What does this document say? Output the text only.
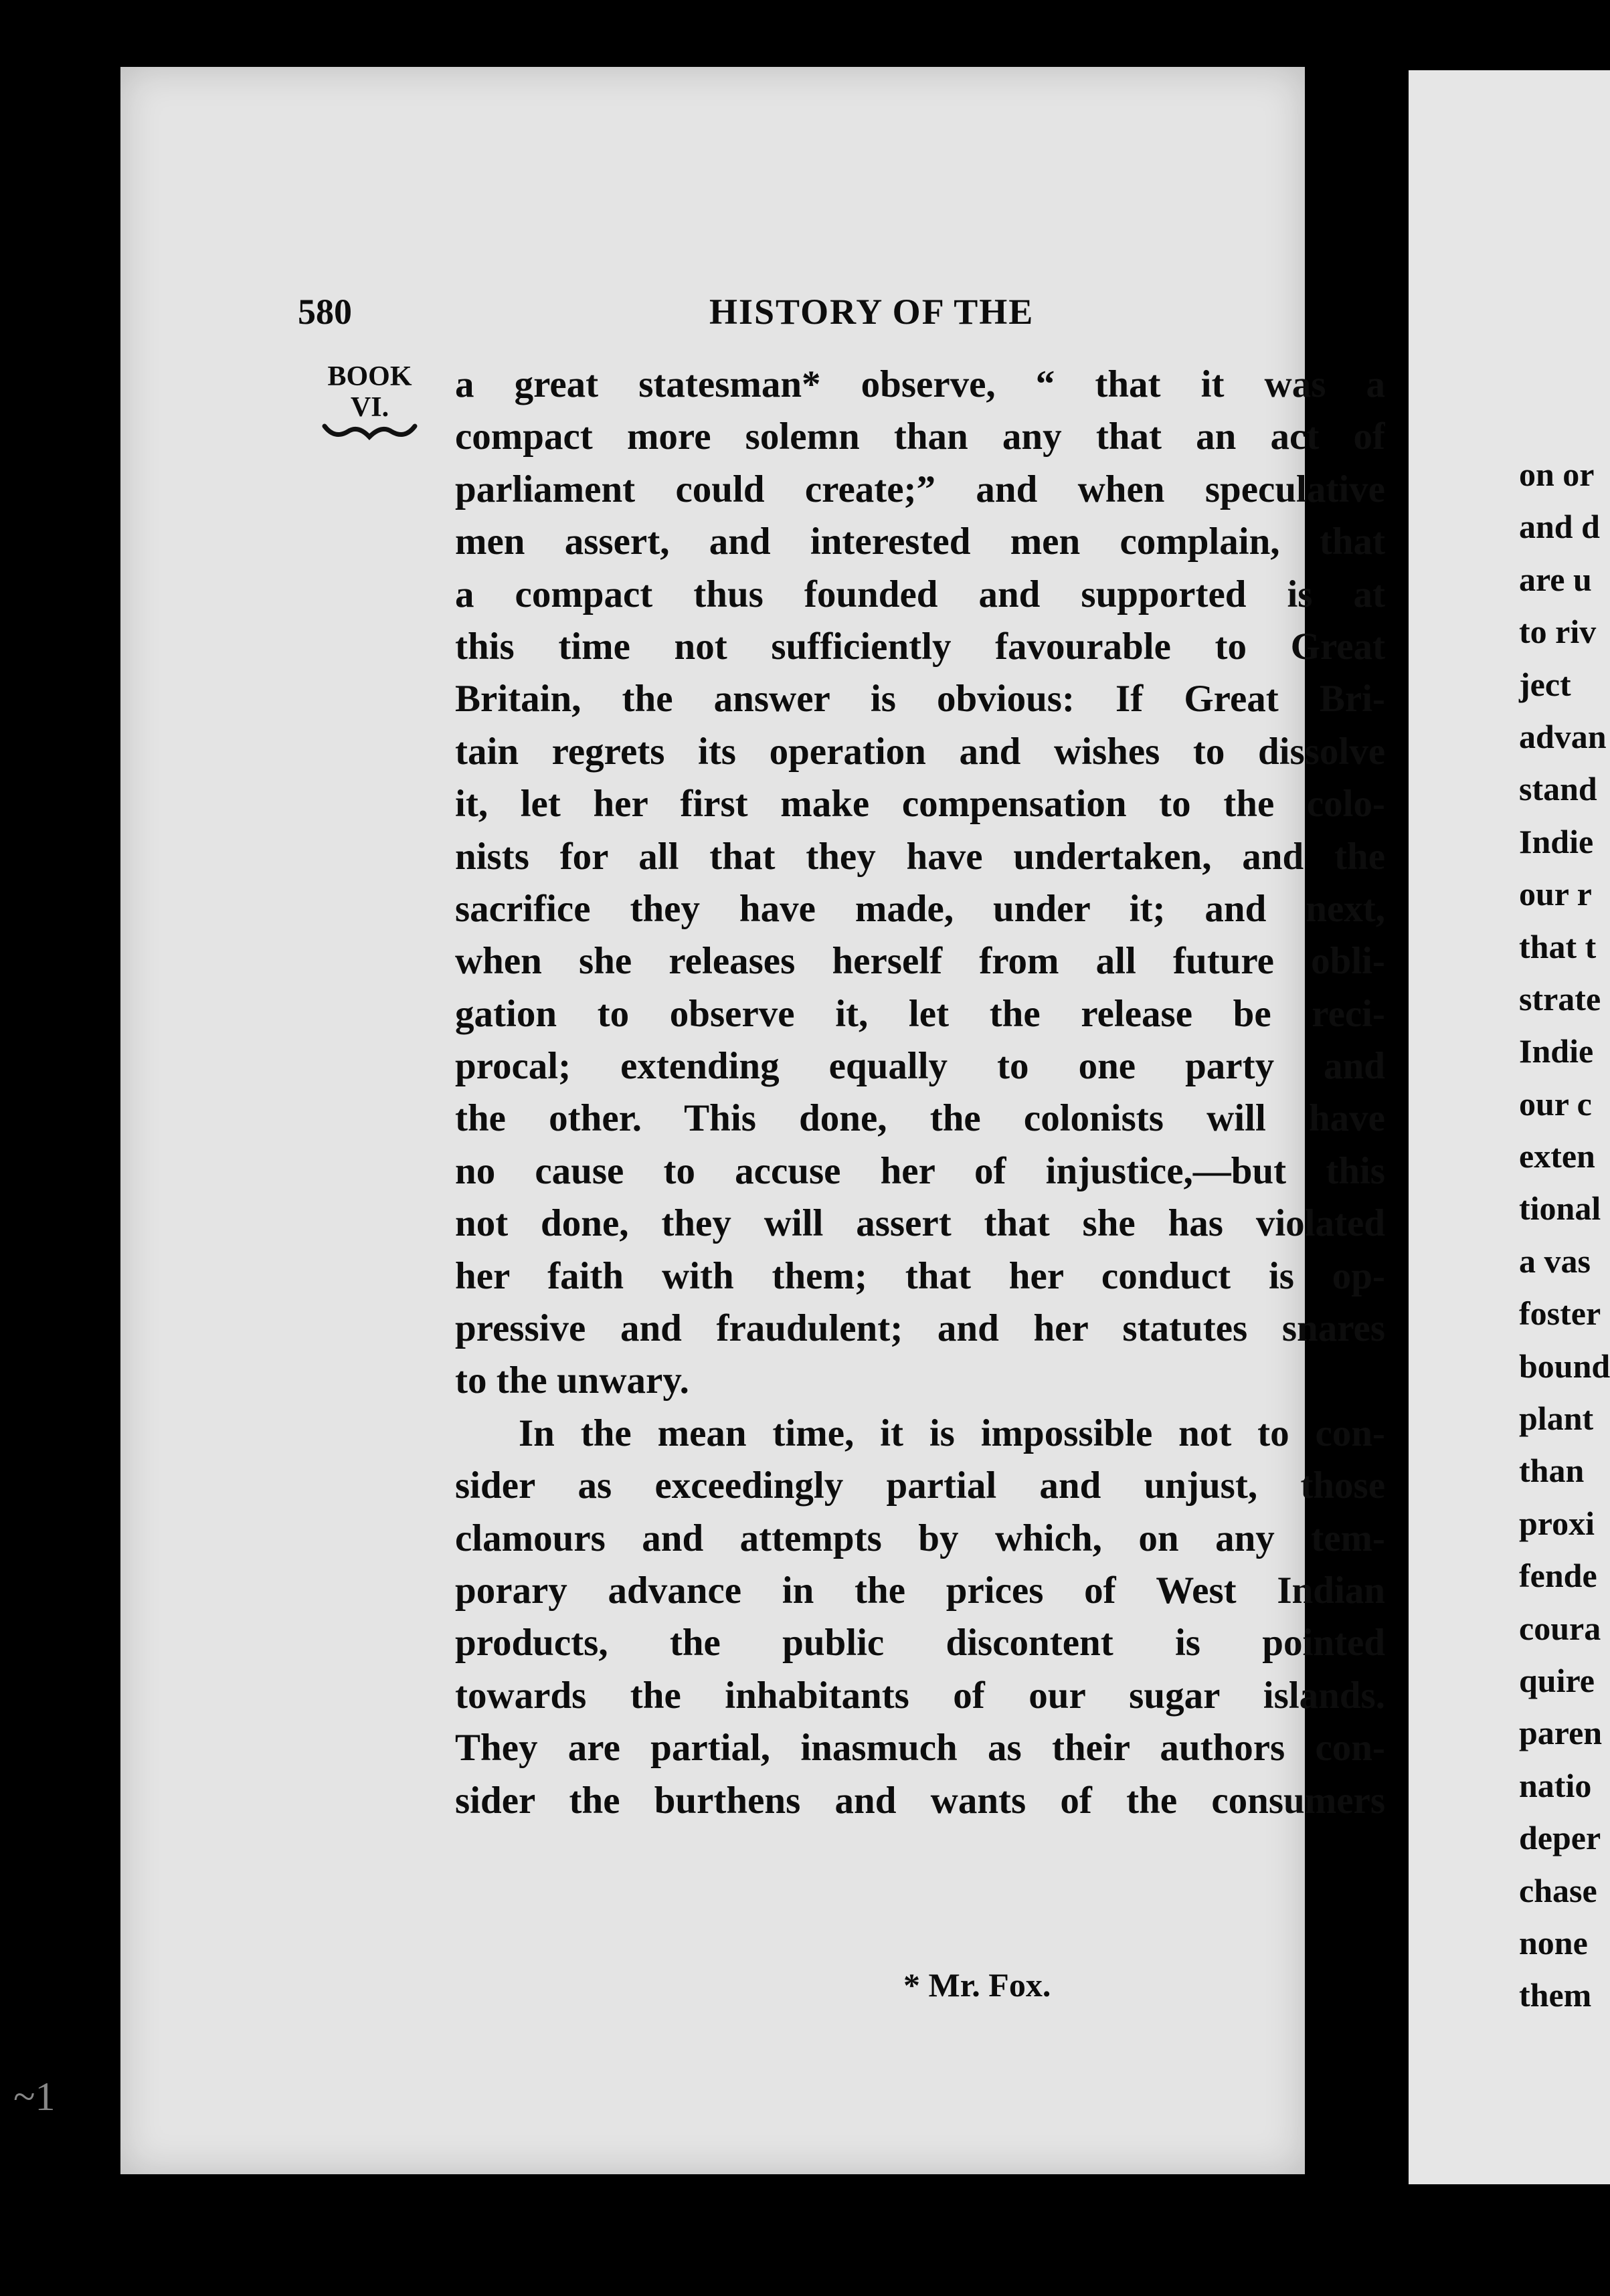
580	HISTORY OF THE
BOOK
VI.
a great statesman* observe, “ that it was a
compact more solemn than any that an act of
parliament could create;” and when speculative
men assert, and interested men complain, that
a compact thus founded and supported is at
this time not sufficiently favourable to Great
Britain, the answer is obvious: If Great Bri-
tain regrets its operation and wishes to dissolve
it, let her first make compensation to the colo-
nists for all that they have undertaken, and the
sacrifice they have made, under it; and next,
when she releases herself from all future obli-
gation to observe it, let the release be reci-
procal; extending equally to one party and
the other. This done, the colonists will have
no cause to accuse her of injustice,—but this
not done, they will assert that she has violated
her faith with them; that her conduct is op-
pressive and fraudulent; and her statutes snares
to the unwary.
In the mean time, it is impossible not to con-
sider as exceedingly partial and unjust, those
clamours and attempts by which, on any tem-
porary advance in the prices of West Indian
products, the public discontent is pointed
towards the inhabitants of our sugar islands.
They are partial, inasmuch as their authors con-
sider the burthens and wants of the consumers
* Mr. Fox.
on or
and d
are u
to riv
ject
advan
stand
Indie
our r
that t
strate
Indie
our c
exten
tional
a vas
foster
bound
plant
than
proxi
fende
coura
quire
paren
natio
deper
chase
nonе
them
~1
